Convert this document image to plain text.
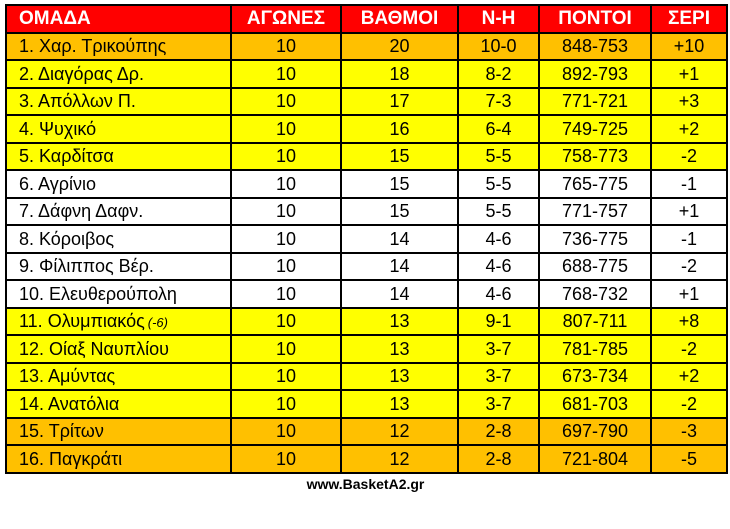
ΟΜΑΔΑ	ΑΓΩΝΕΣ	ΒΑΘΜΟΙ	Ν-Η	ΠΟΝΤΟΙ	ΣΕΡΙ
1. Χαρ. Τρικούπης	10	20	10-0	848-753	+10
2. Διαγόρας Δρ.	10	18	8-2	892-793	+1
3. Απόλλων Π.	10	17	7-3	771-721	+3
4. Ψυχικό	10	16	6-4	749-725	+2
5. Καρδίτσα	10	15	5-5	758-773	-2
6. Αγρίνιο	10	15	5-5	765-775	-1
7. Δάφνη Δαφν.	10	15	5-5	771-757	+1
8. Κόροιβος	10	14	4-6	736-775	-1
9. Φίλιππος Βέρ.	10	14	4-6	688-775	-2
10. Ελευθερούπολη	10	14	4-6	768-732	+1
11. Ολυμπιακός (-6)	10	13	9-1	807-711	+8
12. Οίαξ Ναυπλίου	10	13	3-7	781-785	-2
13. Αμύντας	10	13	3-7	673-734	+2
14. Ανατόλια	10	13	3-7	681-703	-2
15. Τρίτων	10	12	2-8	697-790	-3
16. Παγκράτι	10	12	2-8	721-804	-5
www.BasketA2.gr
